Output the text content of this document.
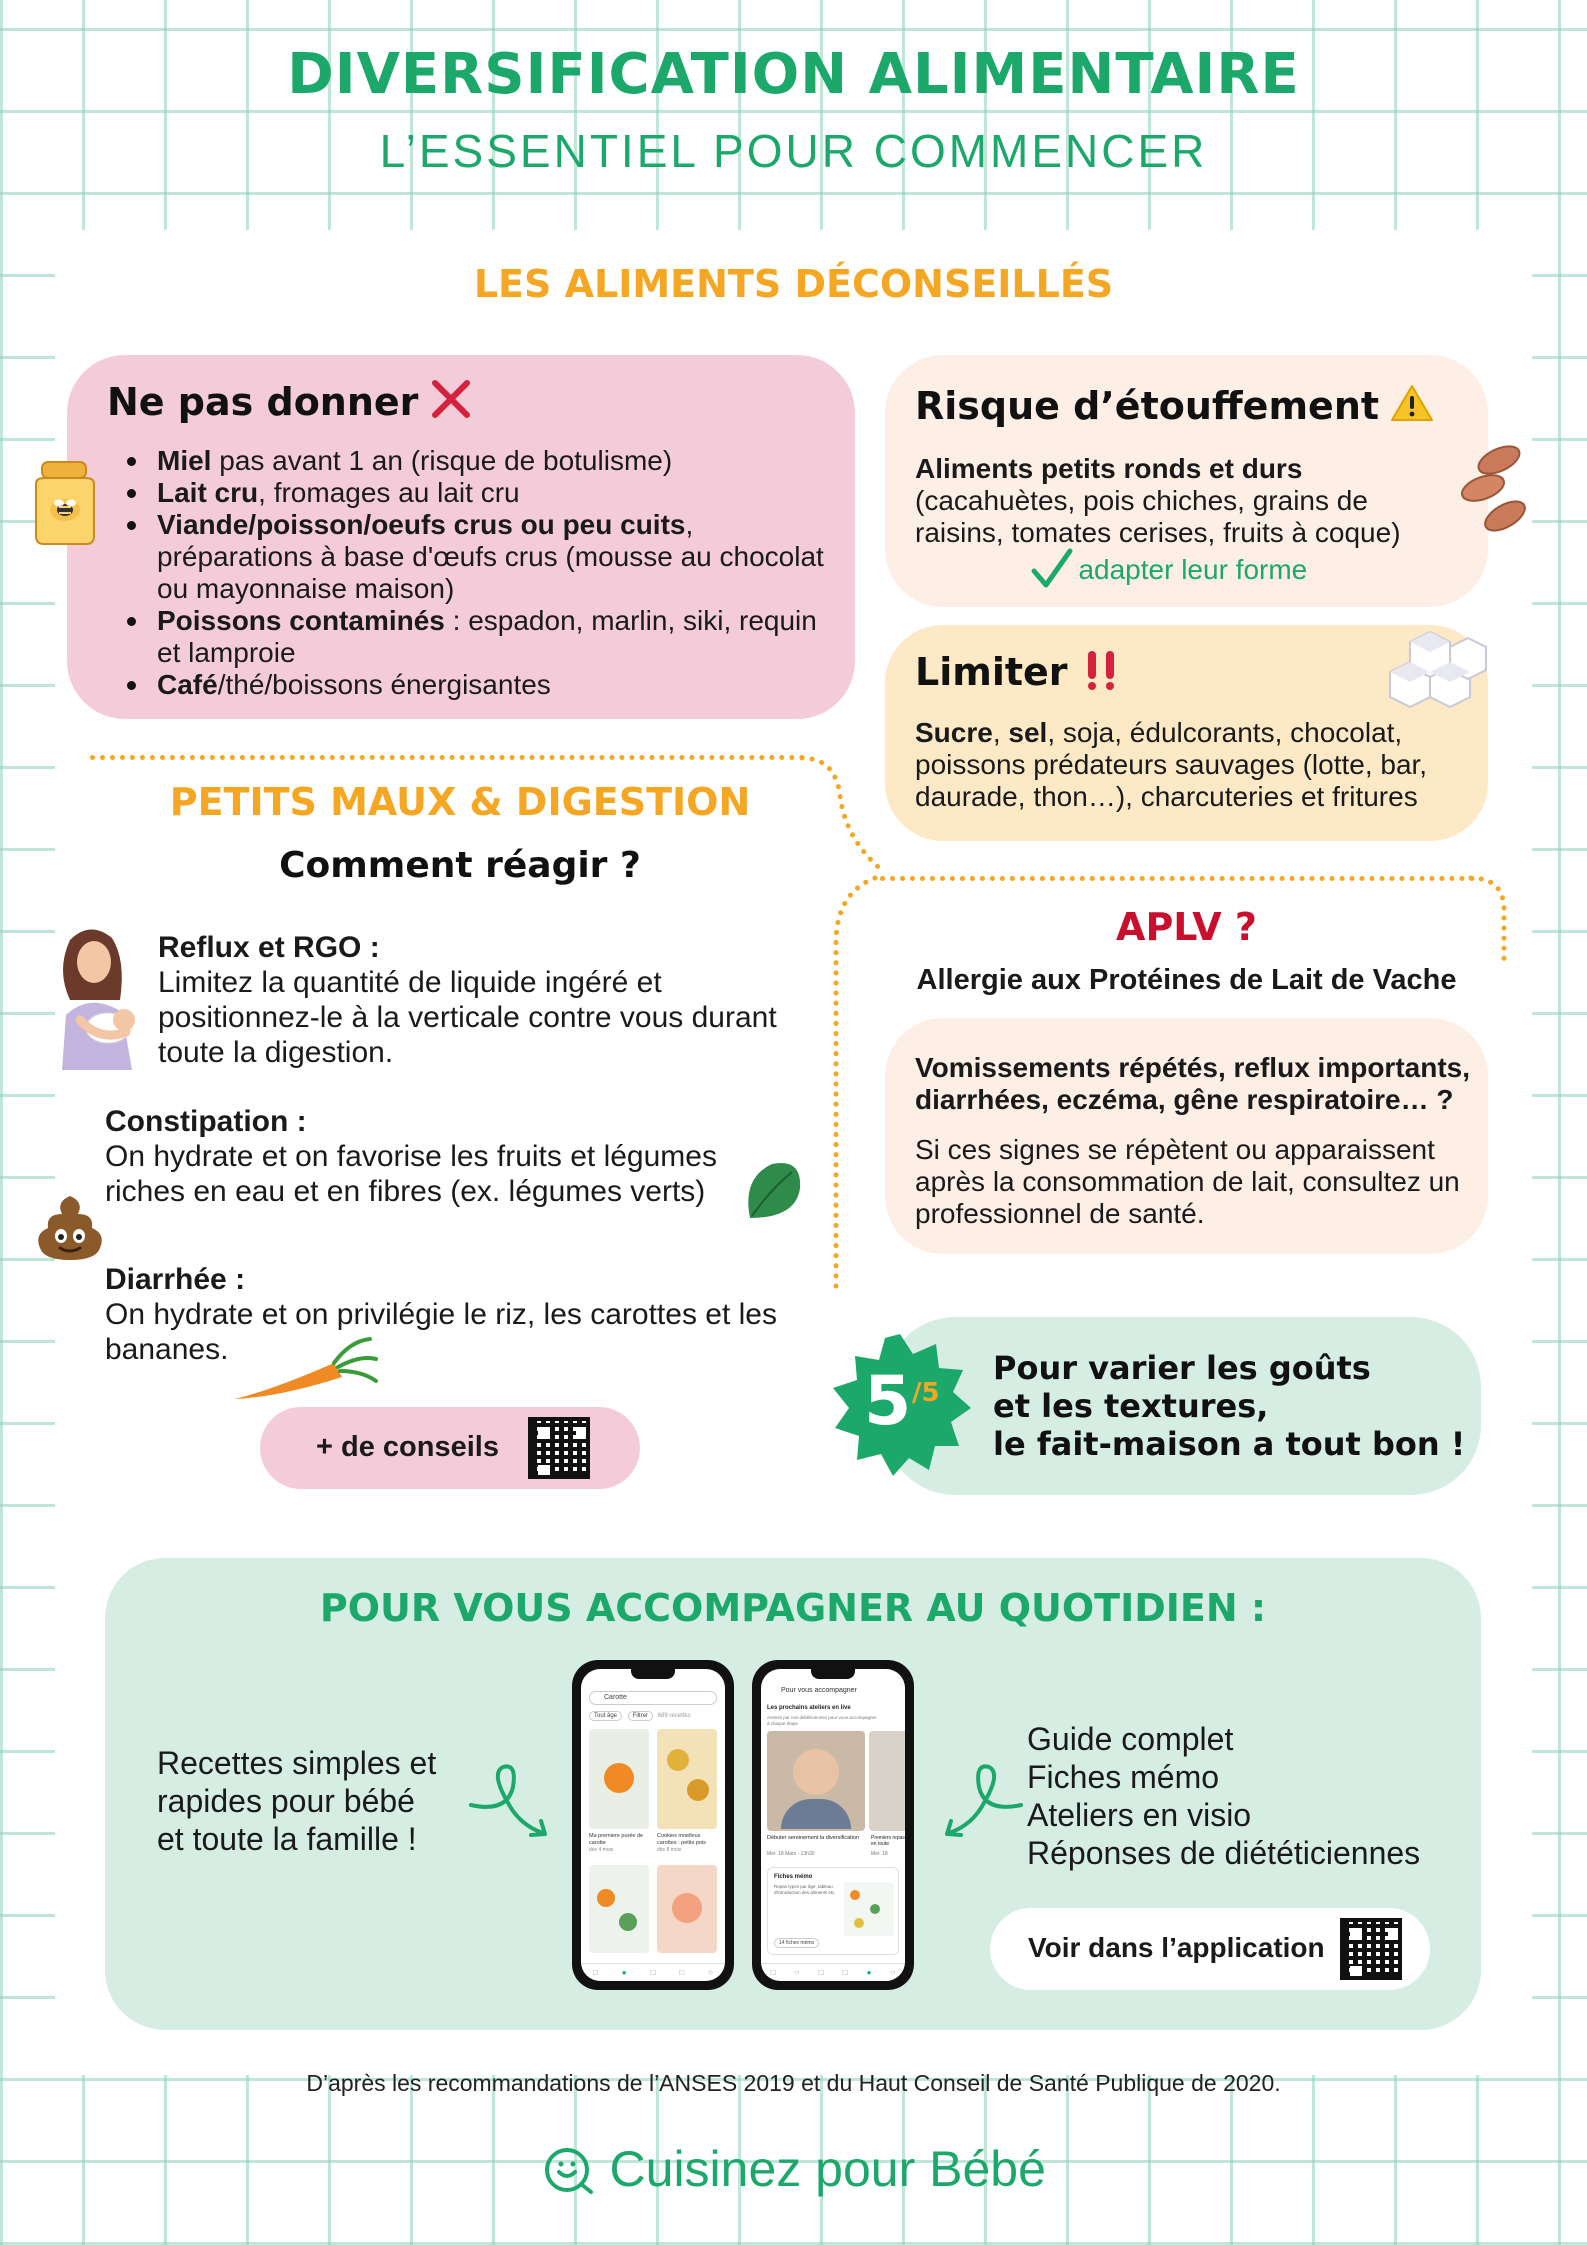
DIVERSIFICATION ALIMENTAIRE
L’ESSENTIEL POUR COMMENCER
LES ALIMENTS DÉCONSEILLÉS
Ne pas donner
Miel pas avant 1 an (risque de botulisme)
Lait cru, fromages au lait cru
Viande/poisson/oeufs crus ou peu cuits, préparations à base d'œufs crus (mousse au chocolat ou mayonnaise maison)
Poissons contaminés : espadon, marlin, siki, requin et lamproie
Café/thé/boissons énergisantes
Risque d’étouffement
Aliments petits ronds et durs
(cacahuètes, pois chiches, grains de raisins, tomates cerises, fruits à coque)
adapter leur forme
Limiter
Sucre, sel, soja, édulcorants, chocolat, poissons prédateurs sauvages (lotte, bar, daurade, thon…), charcuteries et fritures
PETITS MAUX & DIGESTION
Comment réagir ?
Reflux et RGO :
Limitez la quantité de liquide ingéré et positionnez-le à la verticale contre vous durant toute la digestion.
Constipation :
On hydrate et on favorise les fruits et légumes riches en eau et en fibres (ex. légumes verts)
Diarrhée :
On hydrate et on privilégie le riz, les carottes et les bananes.
+ de conseils
APLV ?
Allergie aux Protéines de Lait de Vache
Vomissements répétés, reflux importants, diarrhées, eczéma, gêne respiratoire… ?
Si ces signes se répètent ou apparaissent après la consommation de lait, consultez un professionnel de santé.
Pour varier les goûts
et les textures,
le fait-maison a tout bon !
5 /5
POUR VOUS ACCOMPAGNER AU QUOTIDIEN :
Recettes simples et
rapides pour bébé
et toute la famille !
Carotte
Tout âge	Filtrer 689 recettes
Ma premiere purée de carotte
dès 4 mois
Cookies moelleux carottes : petits pois
dès 8 mois
□	●	□	□	○
Pour vous accompagner
Les prochains ateliers en live
Animés par nos diététiciennes pour vous accompagner à chaque étape
Débuter sereinement la diversification
Mer. 18 Mars · 13h30
Premiers repas en toute
Mer. 18
Fiches mémo
Repas types par âge, tableau d'introduction des aliments etc.
14 fiches mémo
□ ○ □ □ ● ○
Guide complet
Fiches mémo
Ateliers en visio
Réponses de diététiciennes
Voir dans l’application
D’après les recommandations de l’ANSES 2019 et du Haut Conseil de Santé Publique de 2020.
Cuisinez pour Bébé
